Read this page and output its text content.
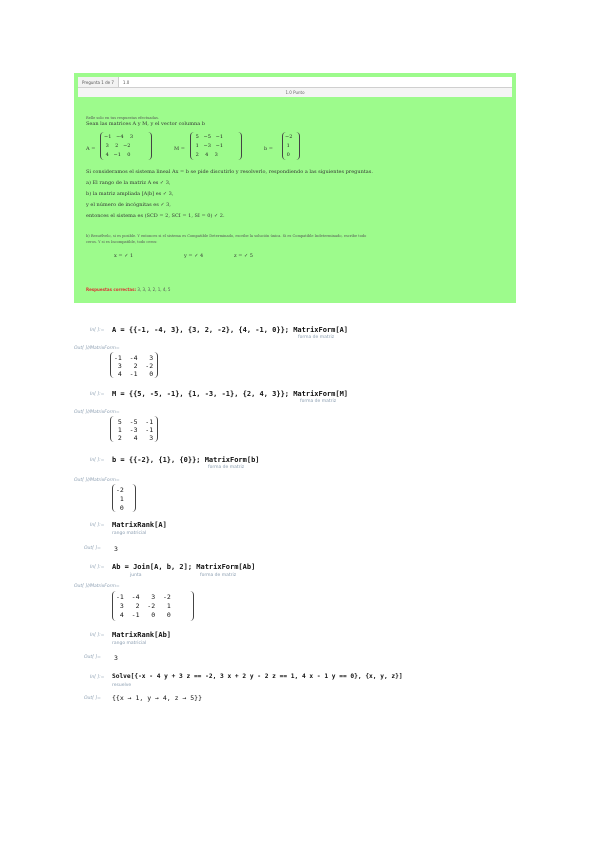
Pregunta 1 de 7	1.0
1.0 Punto
Relle solo en tus respuestas efectuadas.
Sean las matrices A y M, y el vector columna b
A =
−1   −4    3
3    2   −2
4   −1    0
M =
5   −5   −1
1   −3   −1
2    4    3
b =
−2
1
0
Si consideramos el sistema lineal Ax = b se pide discutirlo y resolverlo, respondiendo a las siguientes preguntas.
a) El rango de la matriz A es ✓ 3,
b) la matriz ampliada [A|b] es ✓ 3,
y el número de incógnitas es ✓ 3,
entonces el sistema es (SCD = 2, SCI = 1, SI = 0) ✓ 2.
b) Resuélvelo, si es posible. Y entonces si el sistema es Compatible Determinado, escribe la solución única. Si es Compatible Indeterminado, escribe todo
ceros. Y si es Incompatible, todo ceros:
x = ✓ 1	y = ✓ 4	z = ✓ 5
Respuestas correctas: 3, 3, 3, 2, 1, 4, 5
In[ ]:= A = {{-1, -4, 3}, {3, 2, -2}, {4, -1, 0}}; MatrixForm[A]
forma de matriz
Out[ ]//MatrixForm=
-1  -4   3
3   2  -2
4  -1   0
In[ ]:= M = {{5, -5, -1}, {1, -3, -1}, {2, 4, 3}}; MatrixForm[M]
forma de matriz
Out[ ]//MatrixForm=
5  -5  -1
1  -3  -1
2   4   3
In[ ]:= b = {{-2}, {1}, {0}}; MatrixForm[b]
forma de matriz
Out[ ]//MatrixForm=
-2
1
0
In[ ]:= MatrixRank[A]
rango matricial
Out[ ]= 3
In[ ]:= Ab = Join[A, b, 2]; MatrixForm[Ab]
junta	forma de matriz
Out[ ]//MatrixForm=
-1  -4   3  -2
3   2  -2   1
4  -1   0   0
In[ ]:= MatrixRank[Ab]
rango matricial
Out[ ]= 3
In[ ]:= Solve[{-x - 4 y + 3 z == -2, 3 x + 2 y - 2 z == 1, 4 x - 1 y == 0}, {x, y, z}]
resuelve
Out[ ]= {{x → 1, y → 4, z → 5}}
